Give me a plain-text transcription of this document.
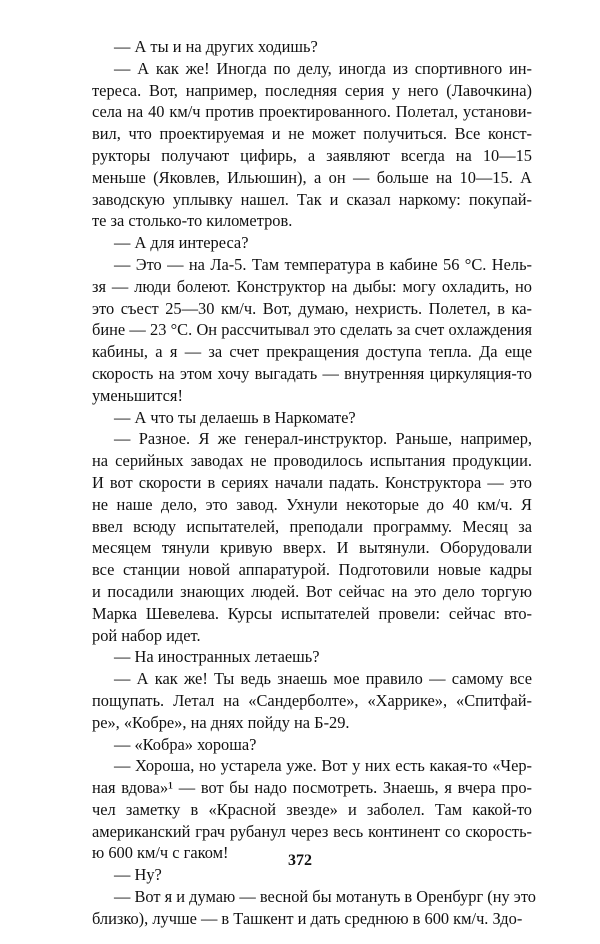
— А ты и на других ходишь?
— А как же! Иногда по делу, иногда из спортивного ин-
тереса. Вот, например, последняя серия у него (Лавочкина)
села на 40 км/ч против проектированного. Полетал, установи-
вил, что проектируемая и не может получиться. Все конст-
рукторы получают цифирь, а заявляют всегда на 10—15
меньше (Яковлев, Ильюшин), а он — больше на 10—15. А
заводскую уплывку нашел. Так и сказал наркому: покупай-
те за столько-то километров.
— А для интереса?
— Это — на Ла-5. Там температура в кабине 56 °С. Нель-
зя — люди болеют. Конструктор на дыбы: могу охладить, но
это съест 25—30 км/ч. Вот, думаю, нехристь. Полетел, в ка-
бине — 23 °С. Он рассчитывал это сделать за счет охлаждения
кабины, а я — за счет прекращения доступа тепла. Да еще
скорость на этом хочу выгадать — внутренняя циркуляция-то
уменьшится!
— А что ты делаешь в Наркомате?
— Разное. Я же генерал-инструктор. Раньше, например,
на серийных заводах не проводилось испытания продукции.
И вот скорости в сериях начали падать. Конструктора — это
не наше дело, это завод. Ухнули некоторые до 40 км/ч. Я
ввел всюду испытателей, преподали программу. Месяц за
месяцем тянули кривую вверх. И вытянули. Оборудовали
все станции новой аппаратурой. Подготовили новые кадры
и посадили знающих людей. Вот сейчас на это дело торгую
Марка Шевелева. Курсы испытателей провели: сейчас вто-
рой набор идет.
— На иностранных летаешь?
— А как же! Ты ведь знаешь мое правило — самому все
пощупать. Летал на «Сандерболте», «Харрике», «Спитфай-
ре», «Кобре», на днях пойду на Б-29.
— «Кобра» хороша?
— Хороша, но устарела уже. Вот у них есть какая-то «Чер-
ная вдова»¹ — вот бы надо посмотреть. Знаешь, я вчера про-
чел заметку в «Красной звезде» и заболел. Там какой-то
американский грач рубанул через весь континент со скорость-
ю 600 км/ч с гаком!
— Ну?
— Вот я и думаю — весной бы мотануть в Оренбург (ну это
близко), лучше — в Ташкент и дать среднюю в 600 км/ч. Здо-
372
